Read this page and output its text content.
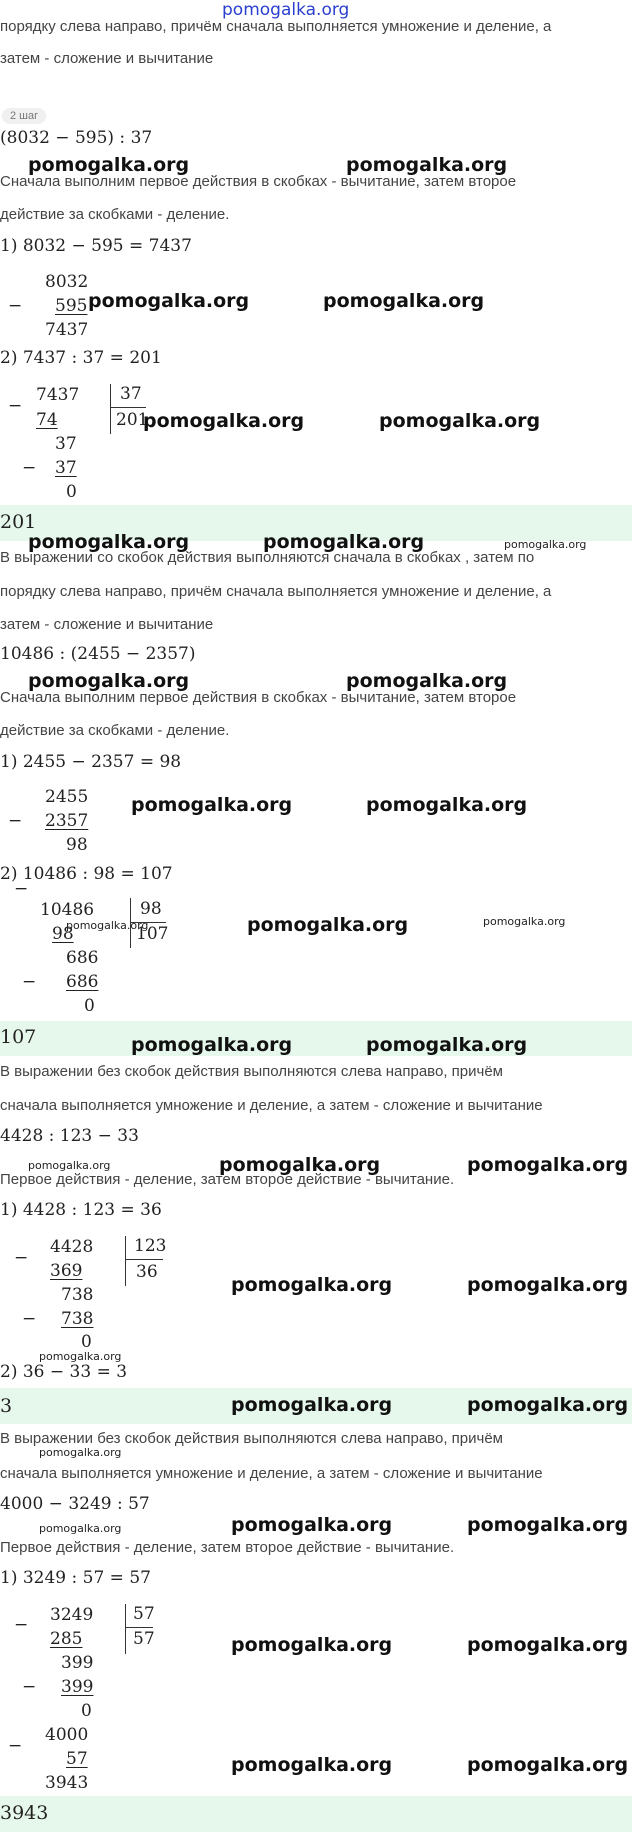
pomogalka.org
порядку слева направо, причём сначала выполняется умножение и деление, а
затем - сложение и вычитание
2 шаг
(8032 − 595) : 37
pomogalka.org	pomogalka.org
Сначала выполним первое действия в скобках - вычитание, затем второе
действие за скобками - деление.
1) 8032 − 595 = 7437
8032
− 595
7437
pomogalka.org	pomogalka.org
2) 7437 : 37 = 201
−
7437 37
201
74
37
− 37
0
pomogalka.org	pomogalka.org
201
pomogalka.org	pomogalka.org	pomogalka.org
В выражении со скобок действия выполняются сначала в скобках , затем по
порядку слева направо, причём сначала выполняется умножение и деление, а
затем - сложение и вычитание
10486 : (2455 − 2357)
pomogalka.org	pomogalka.org
Сначала выполним первое действия в скобках - вычитание, затем второе
действие за скобками - деление.
1) 2455 − 2357 = 98
2455
− 2357
98
pomogalka.org	pomogalka.org
2) 10486 : 98 = 107
−
10486	98
107
98
pomogalka.org
686
− 686
0
pomogalka.org	pomogalka.org
107	pomogalka.org	pomogalka.org
В выражении без скобок действия выполняются слева направо, причём
сначала выполняется умножение и деление, а затем - сложение и вычитание
4428 : 123 − 33
pomogalka.org	pomogalka.org	pomogalka.org
Первое действия - деление, затем второе действие - вычитание.
1) 4428 : 123 = 36
−
4428 123
36
369
738
− 738
0
pomogalka.org	pomogalka.org
pomogalka.org
2) 36 − 33 = 3
3	pomogalka.org	pomogalka.org
В выражении без скобок действия выполняются слева направо, причём
pomogalka.org
сначала выполняется умножение и деление, а затем - сложение и вычитание
4000 − 3249 : 57
pomogalka.org	pomogalka.org	pomogalka.org
Первое действия - деление, затем второе действие - вычитание.
1) 3249 : 57 = 57
− 3249 57
57
285
399
− 399
0
pomogalka.org	pomogalka.org
4000
−
57
3943
pomogalka.org	pomogalka.org
3943
